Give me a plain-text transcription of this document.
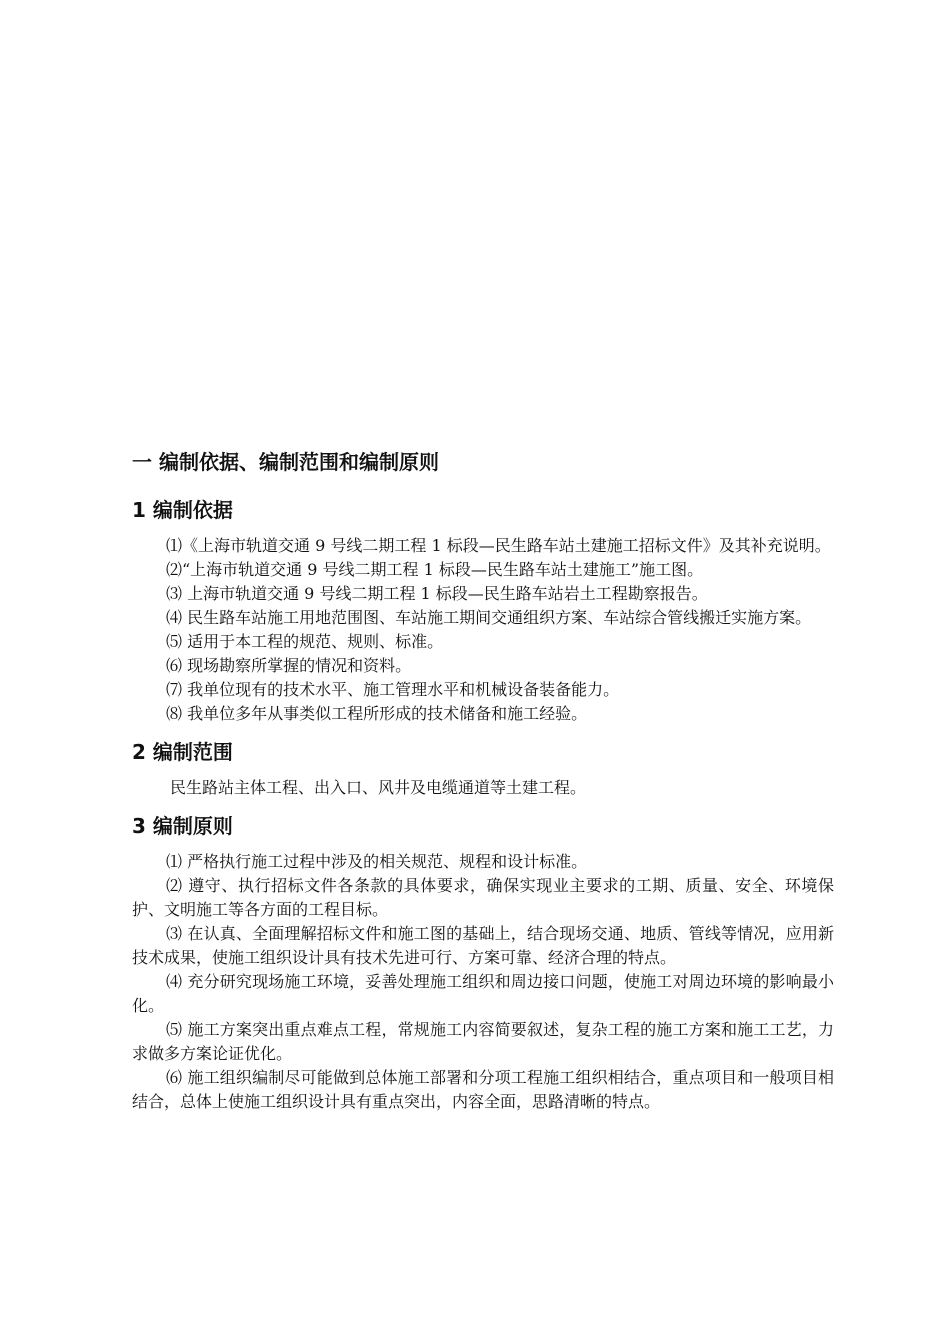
一 编制依据、编制范围和编制原则
1 编制依据

⑴《上海市轨道交通 9 号线二期工程 1 标段—民生路车站土建施工招标文件》及其补充说明。

⑵“上海市轨道交通 9 号线二期工程 1 标段—民生路车站土建施工”施工图。

⑶ 上海市轨道交通 9 号线二期工程 1 标段—民生路车站岩土工程勘察报告。

⑷ 民生路车站施工用地范围图、车站施工期间交通组织方案、车站综合管线搬迁实施方案。

⑸ 适用于本工程的规范、规则、标准。

⑹ 现场勘察所掌握的情况和资料。

⑺ 我单位现有的技术水平、施工管理水平和机械设备装备能力。

⑻ 我单位多年从事类似工程所形成的技术储备和施工经验。

2 编制范围

民生路站主体工程、出入口、风井及电缆通道等土建工程。

3 编制原则

⑴ 严格执行施工过程中涉及的相关规范、规程和设计标准。

⑵ 遵守、执行招标文件各条款的具体要求，确保实现业主要求的工期、质量、安全、环境保护、文明施工等各方面的工程目标。

⑶ 在认真、全面理解招标文件和施工图的基础上，结合现场交通、地质、管线等情况，应用新技术成果，使施工组织设计具有技术先进可行、方案可靠、经济合理的特点。

⑷ 充分研究现场施工环境，妥善处理施工组织和周边接口问题，使施工对周边环境的影响最小化。

⑸ 施工方案突出重点难点工程，常规施工内容简要叙述，复杂工程的施工方案和施工工艺，力求做多方案论证优化。

⑹ 施工组织编制尽可能做到总体施工部署和分项工程施工组织相结合，重点项目和一般项目相结合，总体上使施工组织设计具有重点突出，内容全面，思路清晰的特点。
